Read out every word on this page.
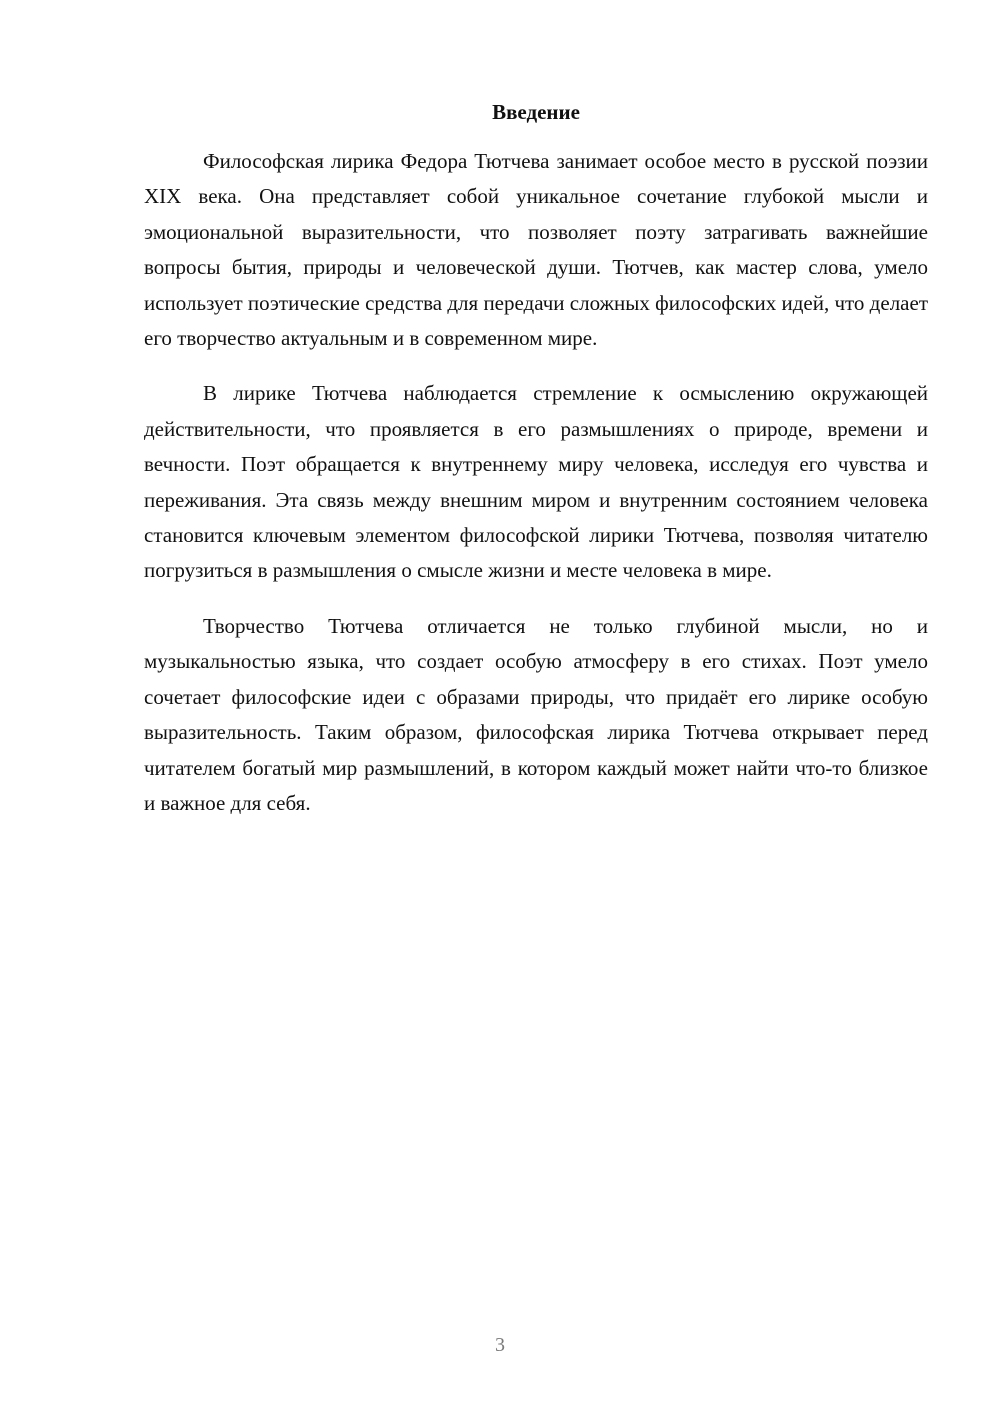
Введение

Философская лирика Федора Тютчева занимает особое место в русской поэзии XIX века. Она представляет собой уникальное сочетание глубокой мысли и эмоциональной выразительности, что позволяет поэту затрагивать важнейшие вопросы бытия, природы и человеческой души. Тютчев, как мастер слова, умело использует поэтические средства для передачи сложных философских идей, что делает его творчество актуальным и в современном мире.

В лирике Тютчева наблюдается стремление к осмыслению окружающей действительности, что проявляется в его размышлениях о природе, времени и вечности. Поэт обращается к внутреннему миру человека, исследуя его чувства и переживания. Эта связь между внешним миром и внутренним состоянием человека становится ключевым элементом философской лирики Тютчева, позволяя читателю погрузиться в размышления о смысле жизни и месте человека в мире.

Творчество Тютчева отличается не только глубиной мысли, но и музыкальностью языка, что создает особую атмосферу в его стихах. Поэт умело сочетает философские идеи с образами природы, что придаёт его лирике особую выразительность. Таким образом, философская лирика Тютчева открывает перед читателем богатый мир размышлений, в котором каждый может найти что-то близкое и важное для себя.

3
